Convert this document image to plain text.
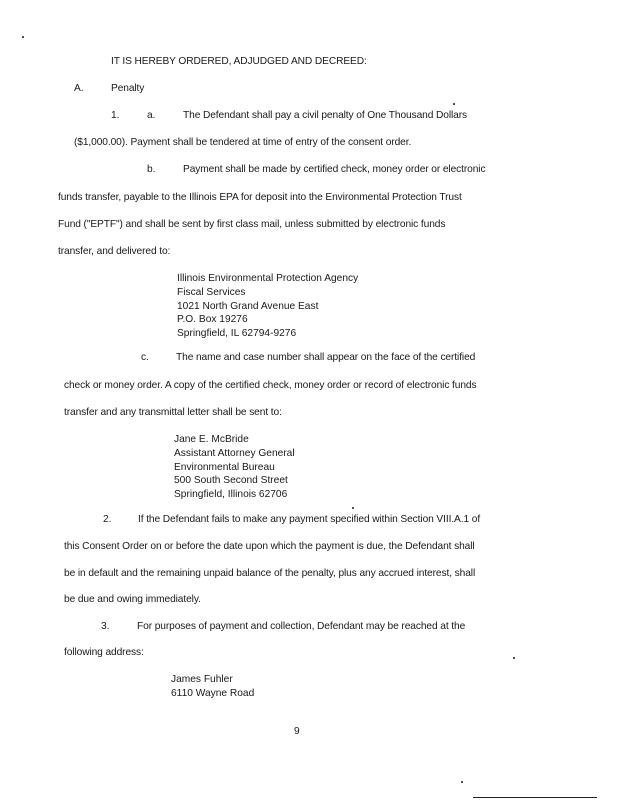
IT IS HEREBY ORDERED, ADJUDGED AND DECREED:
A.	Penalty
1.	a.	The Defendant shall pay a civil penalty of One Thousand Dollars
($1,000.00). Payment shall be tendered at time of entry of the consent order.
b.	Payment shall be made by certified check, money order or electronic
funds transfer, payable to the Illinois EPA for deposit into the Environmental Protection Trust
Fund ("EPTF") and shall be sent by first class mail, unless submitted by electronic funds
transfer, and delivered to:
Illinois Environmental Protection Agency
Fiscal Services
1021 North Grand Avenue East
P.O. Box 19276
Springfield, IL 62794-9276
c.	The name and case number shall appear on the face of the certified
check or money order. A copy of the certified check, money order or record of electronic funds
transfer and any transmittal letter shall be sent to:
Jane E. McBride
Assistant Attorney General
Environmental Bureau
500 South Second Street
Springfield, Illinois 62706
2.	If the Defendant fails to make any payment specified within Section VIII.A.1 of
this Consent Order on or before the date upon which the payment is due, the Defendant shall
be in default and the remaining unpaid balance of the penalty, plus any accrued interest, shall
be due and owing immediately.
3.	For purposes of payment and collection, Defendant may be reached at the
following address:
James Fuhler
6110 Wayne Road
9
